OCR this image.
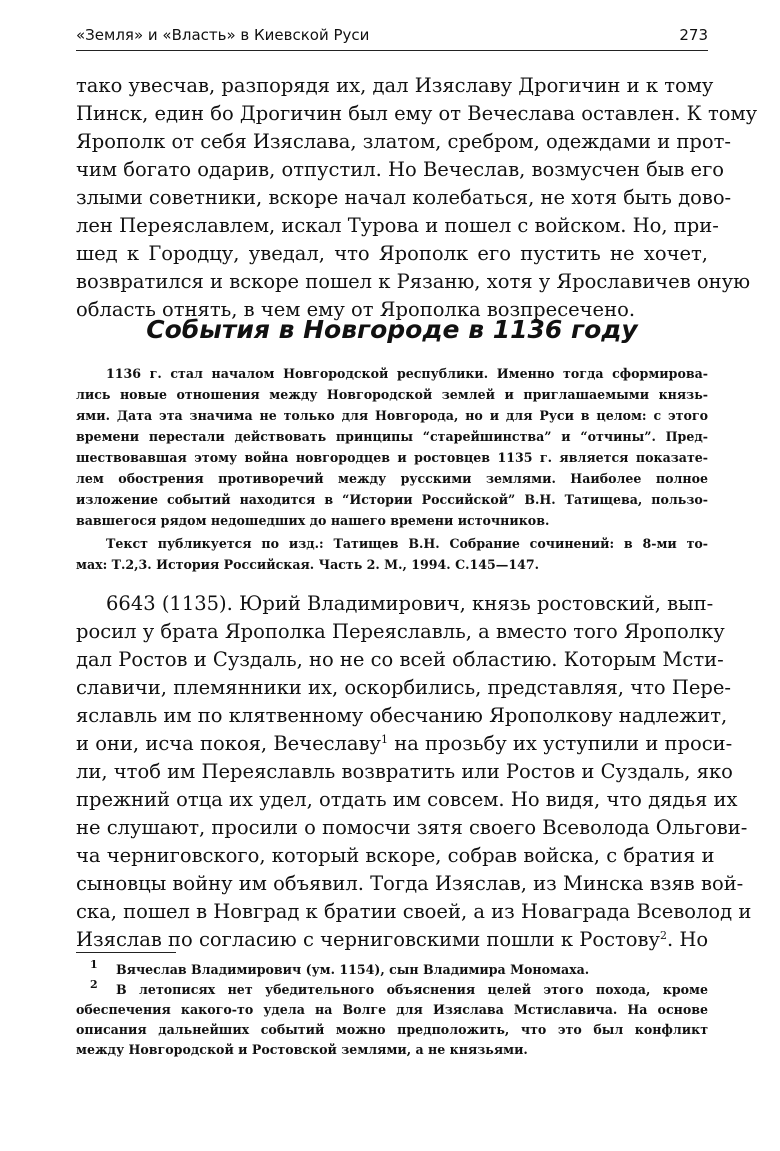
«Земля» и «Власть» в Киевской Руси	273
тако увесчав, разпорядя их, дал Изяславу Дрогичин и к тому
Пинск, един бо Дрогичин был ему от Вечеслава оставлен. К тому
Ярополк от себя Изяслава, златом, сребром, одеждами и прот-
чим богато одарив, отпустил. Но Вечеслав, возмусчен быв его
злыми советники, вскоре начал колебаться, не хотя быть дово-
лен Переяславлем, искал Турова и пошел с войском. Но, при-
шед к Городцу, уведал, что Ярополк его пустить не хочет,
возвратился и вскоре пошел к Рязаню, хотя у Ярославичев оную
область отнять, в чем ему от Ярополка возпресечено.
События в Новгороде в 1136 году
1136 г. стал началом Новгородской республики. Именно тогда сформирова-
лись новые отношения между Новгородской землей и приглашаемыми князь-
ями. Дата эта значима не только для Новгорода, но и для Руси в целом: с этого
времени перестали действовать принципы “старейшинства” и “отчины”. Пред-
шествовавшая этому война новгородцев и ростовцев 1135 г. является показате-
лем обострения противоречий между русскими землями. Наиболее полное
изложение событий находится в “Истории Российской” В.Н. Татищева, пользо-
вавшегося рядом недошедших до нашего времени источников.
Текст публикуется по изд.: Татищев В.Н. Собрание сочинений: в 8-ми то-
мах: Т.2,3. История Российская. Часть 2. М., 1994. С.145—147.
6643 (1135). Юрий Владимирович, князь ростовский, вып-
росил у брата Ярополка Переяславль, а вместо того Ярополку
дал Ростов и Суздаль, но не со всей областию. Которым Мсти-
славичи, племянники их, оскорбились, представляя, что Пере-
яславль им по клятвенному обесчанию Ярополкову надлежит,
и они, исча покоя, Вечеславу$^1$ на прозьбу их уступили и проси-
ли, чтоб им Переяславль возвратить или Ростов и Суздаль, яко
прежний отца их удел, отдать им совсем. Но видя, что дядья их
не слушают, просили о помосчи зятя своего Всеволода Ольгови-
ча черниговского, который вскоре, собрав войска, с братия и
сыновцы войну им объявил. Тогда Изяслав, из Минска взяв вой-
ска, пошел в Новград к братии своей, а из Новаграда Всеволод и
Изяслав по согласию с черниговскими пошли к Ростову$^2$. Но
1 Вячеслав Владимирович (ум. 1154), сын Владимира Мономаха.
2 В летописях нет убедительного объяснения целей этого похода, кроме
обеспечения какого-то удела на Волге для Изяслава Мстиславича. На основе
описания дальнейших событий можно предположить, что это был конфликт
между Новгородской и Ростовской землями, а не князьями.
